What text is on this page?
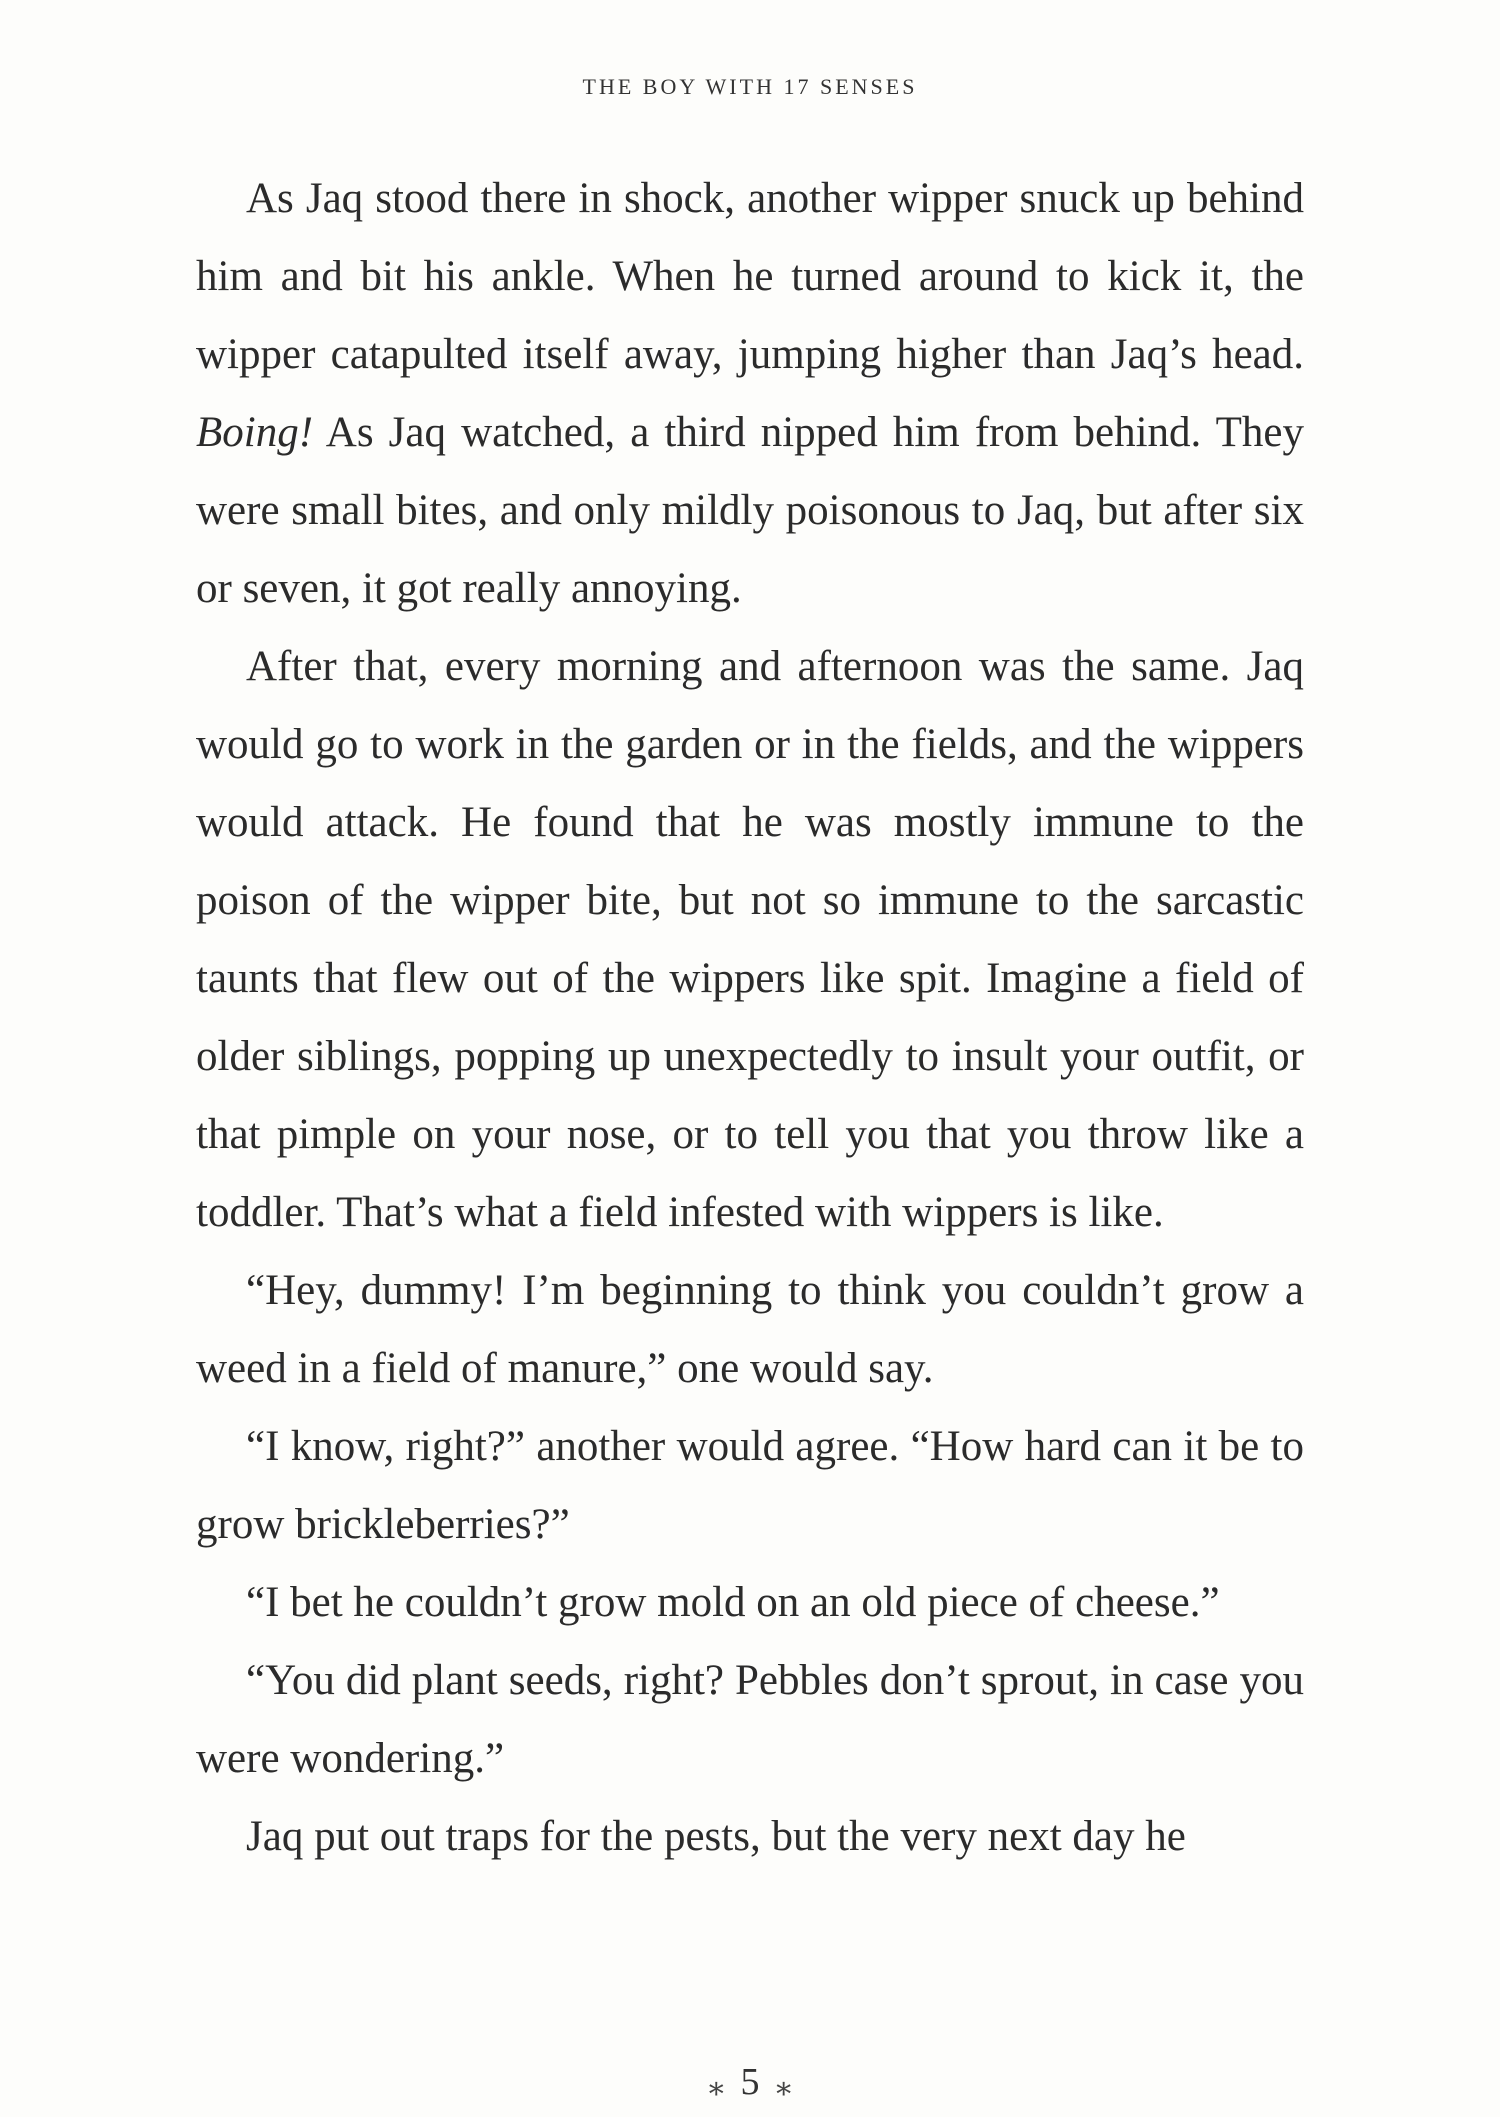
THE BOY WITH 17 SENSES

As Jaq stood there in shock, another wipper snuck up behind him and bit his ankle. When he turned around to kick it, the wipper catapulted itself away, jumping higher than Jaq’s head. Boing! As Jaq watched, a third nipped him from behind. They were small bites, and only mildly poisonous to Jaq, but after six or seven, it got really annoying.

After that, every morning and afternoon was the same. Jaq would go to work in the garden or in the fields, and the wippers would attack. He found that he was mostly immune to the poison of the wipper bite, but not so immune to the sarcastic taunts that flew out of the wippers like spit. Imagine a field of older siblings, popping up unexpectedly to insult your outfit, or that pimple on your nose, or to tell you that you throw like a toddler. That’s what a field infested with wippers is like.

“Hey, dummy! I’m beginning to think you couldn’t grow a weed in a field of manure,” one would say.

“I know, right?” another would agree. “How hard can it be to grow brickleberries?”

“I bet he couldn’t grow mold on an old piece of cheese.”

“You did plant seeds, right? Pebbles don’t sprout, in case you were wondering.”

Jaq put out traps for the pests, but the very next day he

∗ 5 ∗
